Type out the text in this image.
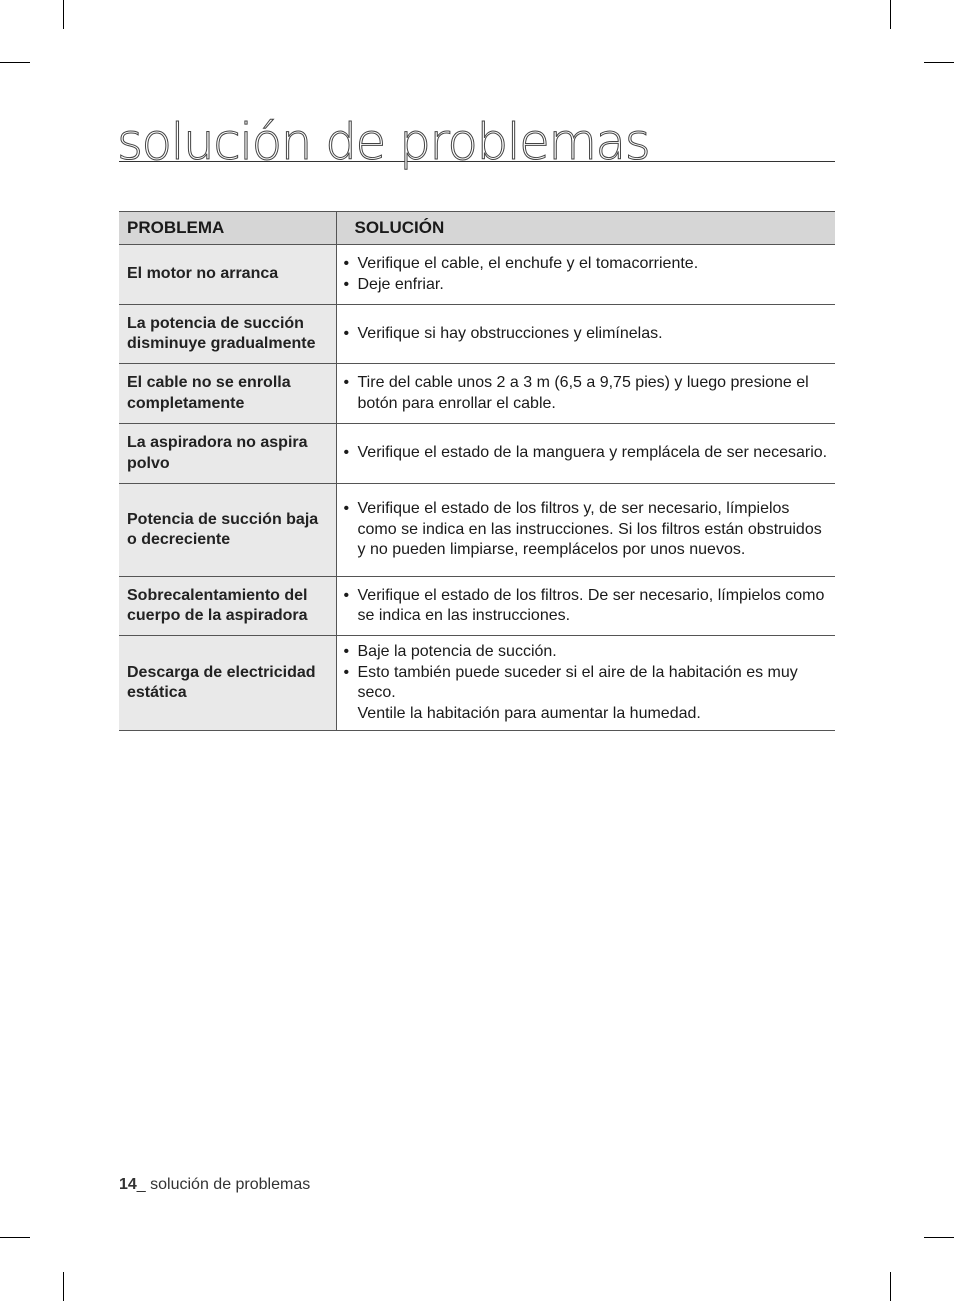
solución de problemas
PROBLEMA	SOLUCIÓN
El motor no arranca	• Verifique el cable, el enchufe y el tomacorriente.
• Deje enfriar.

La potencia de succión disminuye gradualmente	• Verifique si hay obstrucciones y elimínelas.

El cable no se enrolla completamente	• Tire del cable unos 2 a 3 m (6,5 a 9,75 pies) y luego presione el botón para enrollar el cable.

La aspiradora no aspira polvo	• Verifique el estado de la manguera y remplácela de ser necesario.

Potencia de succión baja o decreciente	• Verifique el estado de los filtros y, de ser necesario, límpielos como se indica en las instrucciones. Si los filtros están obstruidos y no pueden limpiarse, reemplácelos por unos nuevos.

Sobrecalentamiento del cuerpo de la aspiradora	• Verifique el estado de los filtros. De ser necesario, límpielos como se indica en las instrucciones.

Descarga de electricidad estática	• Baje la potencia de succión.
• Esto también puede suceder si el aire de la habitación es muy seco.
Ventile la habitación para aumentar la humedad.
14_ solución de problemas
